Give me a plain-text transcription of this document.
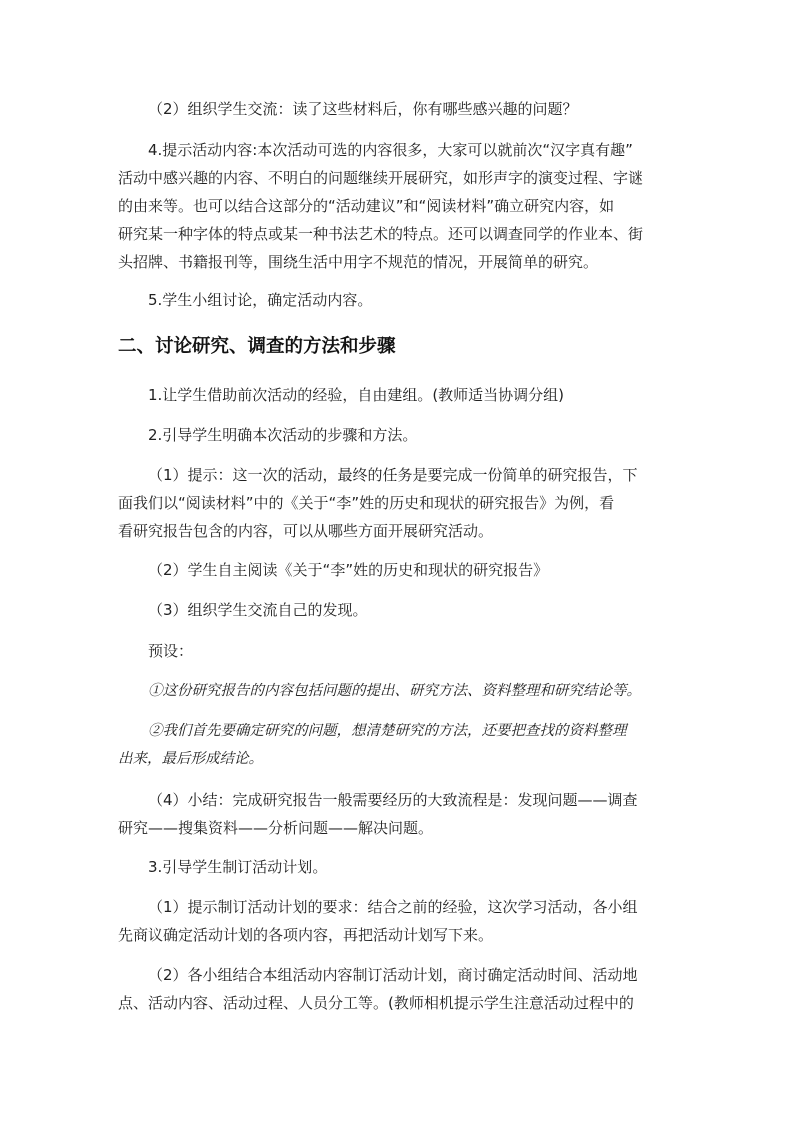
（2）组织学生交流：读了这些材料后，你有哪些感兴趣的问题？

4.提示活动内容:本次活动可选的内容很多，大家可以就前次“汉字真有趣”
活动中感兴趣的内容、不明白的问题继续开展研究，如形声字的演变过程、字谜
的由来等。也可以结合这部分的“活动建议”和“阅读材料”确立研究内容，如
研究某一种字体的特点或某一种书法艺术的特点。还可以调查同学的作业本、街
头招牌、书籍报刊等，围绕生活中用字不规范的情况，开展简单的研究。

5.学生小组讨论，确定活动内容。

二、讨论研究、调查的方法和步骤

1.让学生借助前次活动的经验，自由建组。(教师适当协调分组)

2.引导学生明确本次活动的步骤和方法。

（1）提示：这一次的活动，最终的任务是要完成一份简单的研究报告，下
面我们以“阅读材料”中的《关于“李”姓的历史和现状的研究报告》为例，看
看研究报告包含的内容，可以从哪些方面开展研究活动。

（2）学生自主阅读《关于“李”姓的历史和现状的研究报告》

（3）组织学生交流自己的发现。

预设：

①这份研究报告的内容包括问题的提出、研究方法、资料整理和研究结论等。

②我们首先要确定研究的问题，想清楚研究的方法，还要把查找的资料整理
出来，最后形成结论。
（4）小结：完成研究报告一般需要经历的大致流程是：发现问题——调查
研究——搜集资料——分析问题——解决问题。

3.引导学生制订活动计划。

（1）提示制订活动计划的要求：结合之前的经验，这次学习活动，各小组
先商议确定活动计划的各项内容，再把活动计划写下来。
（2）各小组结合本组活动内容制订活动计划，商讨确定活动时间、活动地
点、活动内容、活动过程、人员分工等。(教师相机提示学生注意活动过程中的
